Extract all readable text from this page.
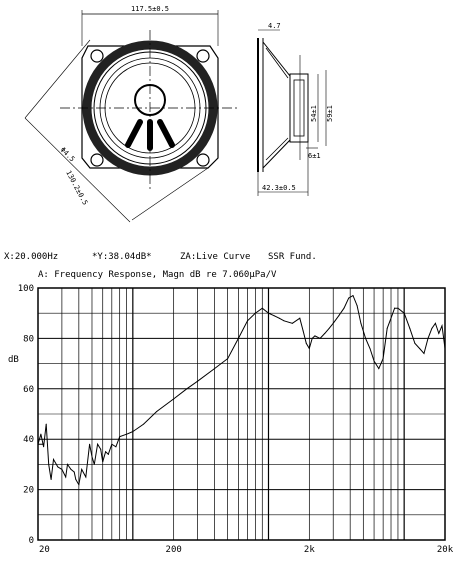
117.5±0.5
130.2±0.5
Φ4.5
4.7
54±1 59±1
6±1
42.3±0.5
X:20.000Hz	*Y:38.04dB*	ZA:Live Curve SSR Fund.
A: Frequency Response, Magn dB re 7.060μPa/V
100
80
60
40
20
0
20	200	2k	20k
dB
